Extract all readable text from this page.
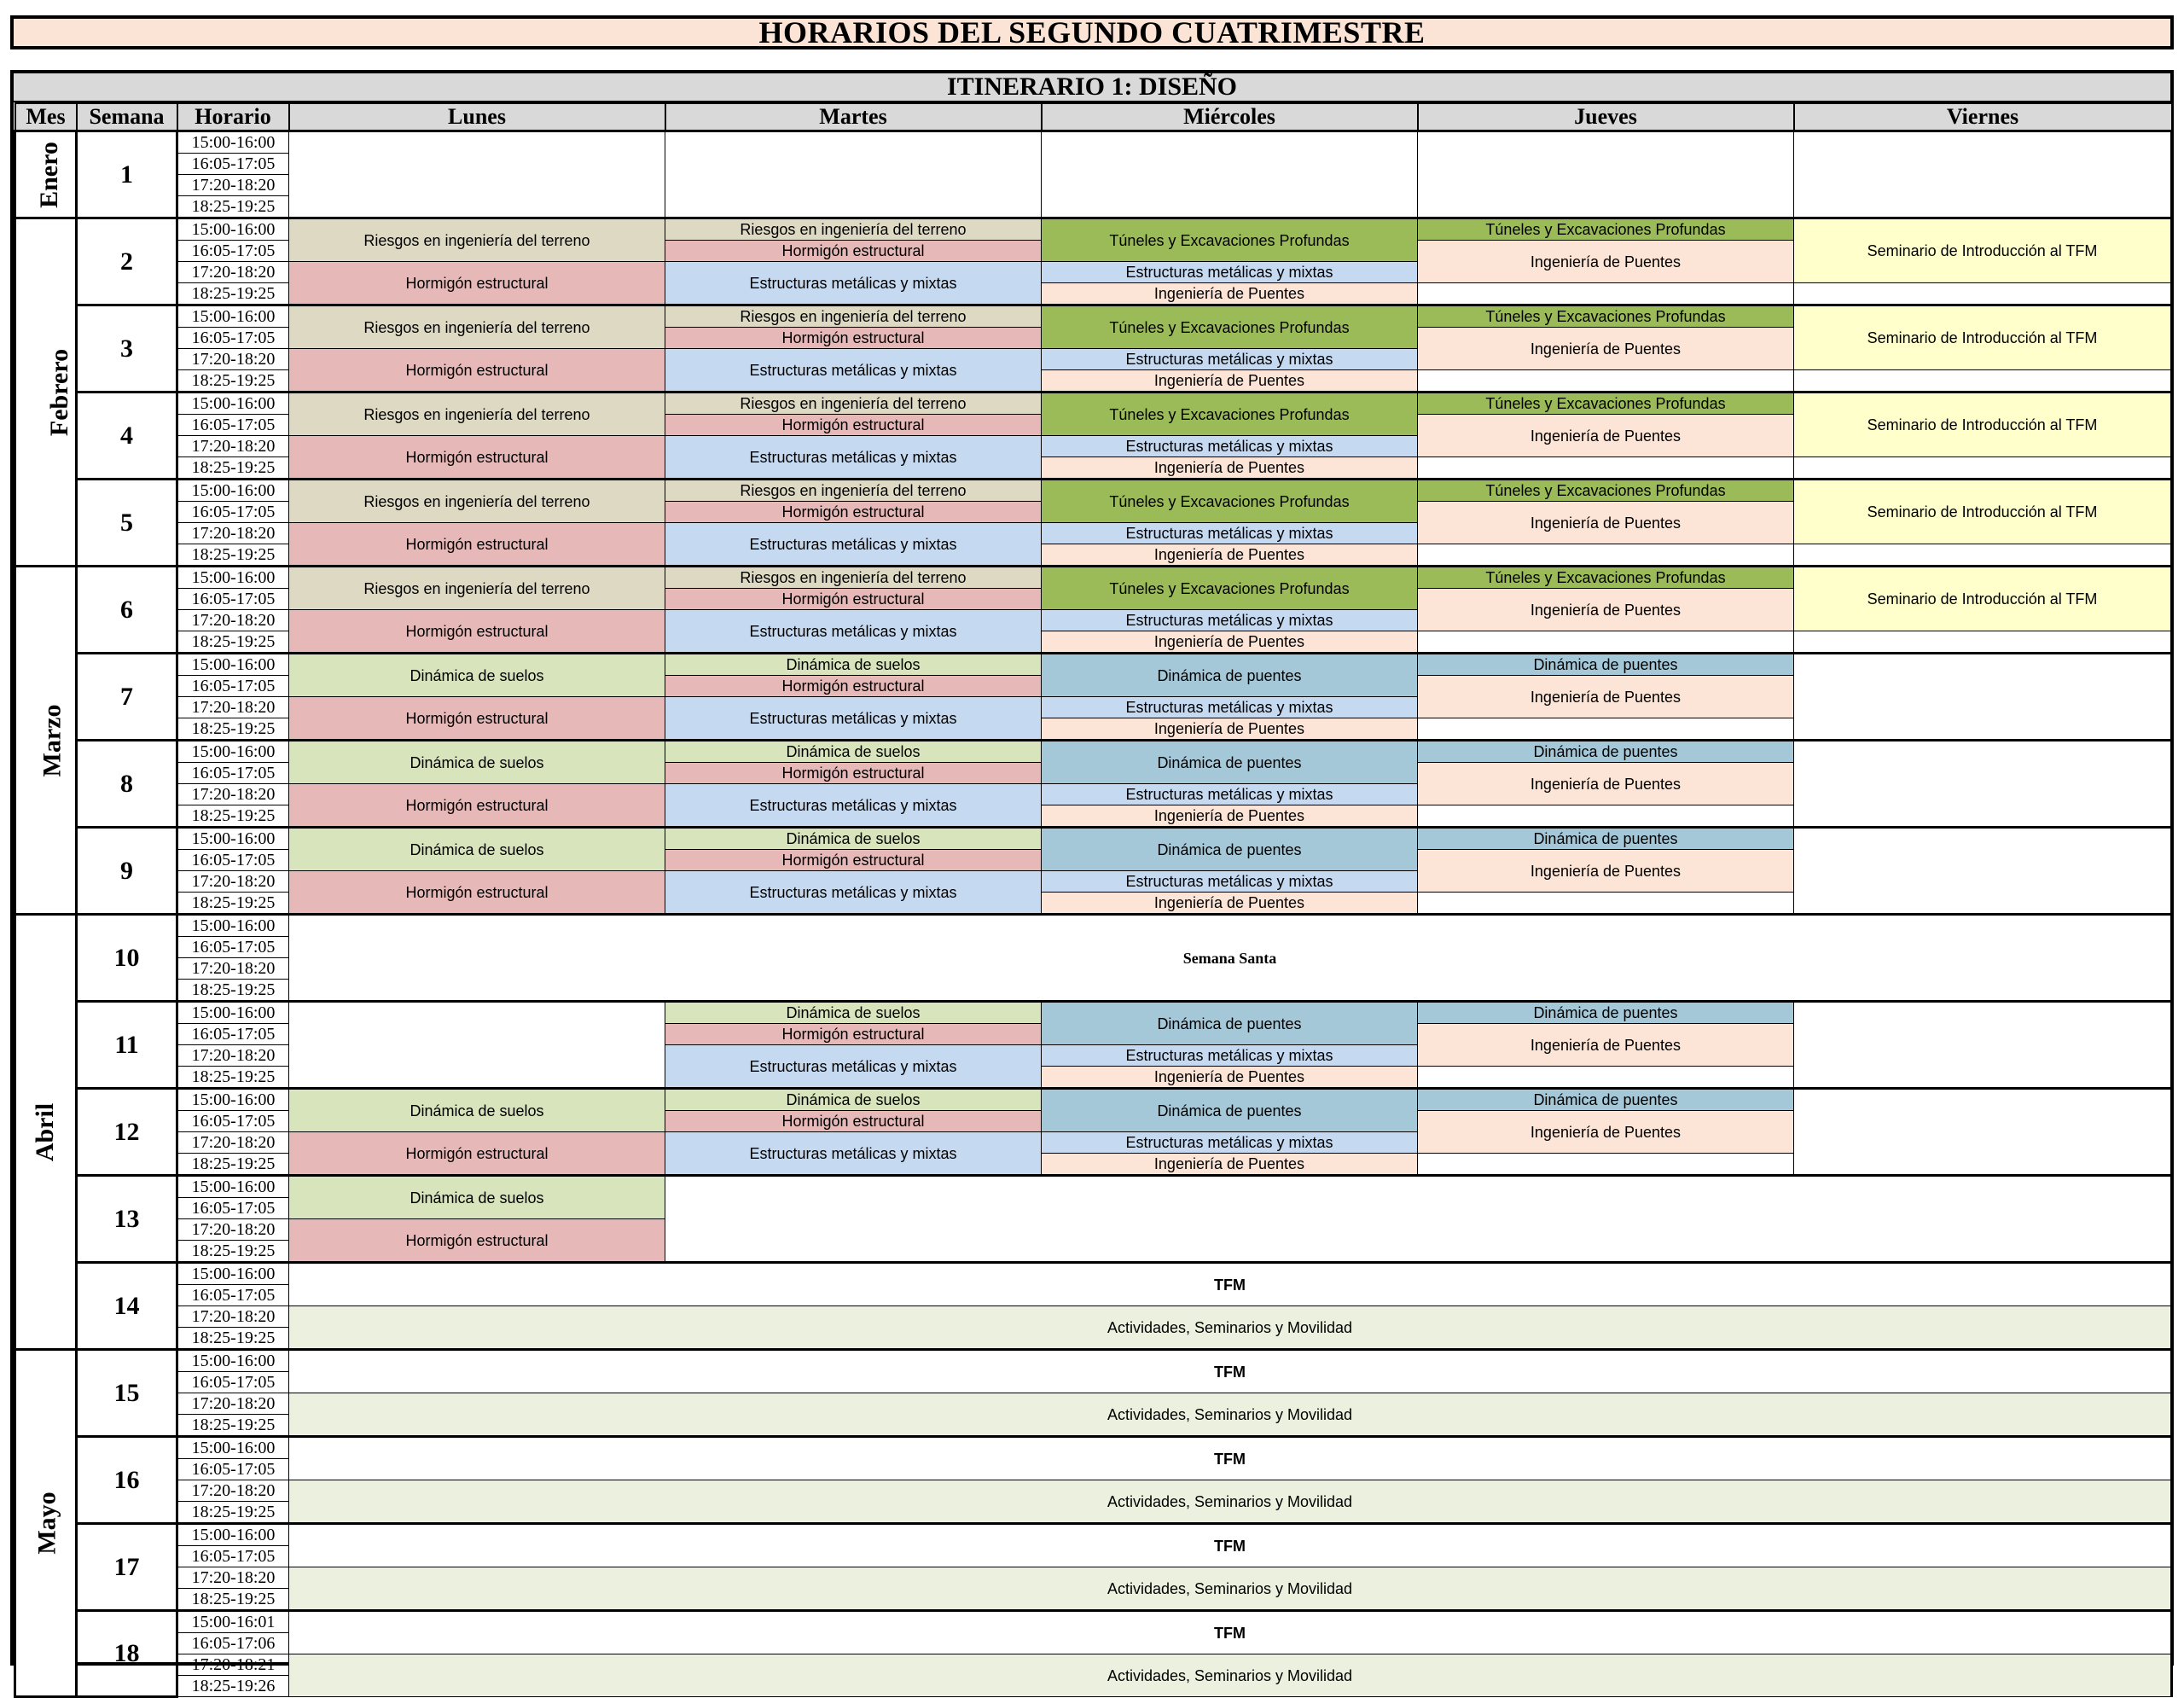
HORARIOS DEL SEGUNDO CUATRIMESTRE
ITINERARIO 1: DISEÑO
Mes	Semana	Horario	Lunes	Martes	Miércoles	Jueves	Viernes
Enero	1	15:00-16:00					
		16:05-17:05					
		17:20-18:20					
		18:25-19:25					
Febrero	2	15:00-16:00	Riesgos en ingeniería del terreno	Riesgos en ingeniería del terreno	Túneles y Excavaciones Profundas	Túneles y Excavaciones Profundas	Seminario de Introducción al TFM
		16:05-17:05		Hormigón estructural		Ingeniería de Puentes	
		17:20-18:20	Hormigón estructural	Estructuras metálicas y mixtas	Estructuras metálicas y mixtas		
		18:25-19:25			Ingeniería de Puentes		
	3	15:00-16:00	Riesgos en ingeniería del terreno	Riesgos en ingeniería del terreno	Túneles y Excavaciones Profundas	Túneles y Excavaciones Profundas	Seminario de Introducción al TFM
		16:05-17:05		Hormigón estructural		Ingeniería de Puentes	
		17:20-18:20	Hormigón estructural	Estructuras metálicas y mixtas	Estructuras metálicas y mixtas		
		18:25-19:25			Ingeniería de Puentes		
	4	15:00-16:00	Riesgos en ingeniería del terreno	Riesgos en ingeniería del terreno	Túneles y Excavaciones Profundas	Túneles y Excavaciones Profundas	Seminario de Introducción al TFM
		16:05-17:05		Hormigón estructural		Ingeniería de Puentes	
		17:20-18:20	Hormigón estructural	Estructuras metálicas y mixtas	Estructuras metálicas y mixtas		
		18:25-19:25			Ingeniería de Puentes		
	5	15:00-16:00	Riesgos en ingeniería del terreno	Riesgos en ingeniería del terreno	Túneles y Excavaciones Profundas	Túneles y Excavaciones Profundas	Seminario de Introducción al TFM
		16:05-17:05		Hormigón estructural		Ingeniería de Puentes	
		17:20-18:20	Hormigón estructural	Estructuras metálicas y mixtas	Estructuras metálicas y mixtas		
		18:25-19:25			Ingeniería de Puentes		
Marzo	6	15:00-16:00	Riesgos en ingeniería del terreno	Riesgos en ingeniería del terreno	Túneles y Excavaciones Profundas	Túneles y Excavaciones Profundas	Seminario de Introducción al TFM
		16:05-17:05		Hormigón estructural		Ingeniería de Puentes	
		17:20-18:20	Hormigón estructural	Estructuras metálicas y mixtas	Estructuras metálicas y mixtas		
		18:25-19:25			Ingeniería de Puentes		
	7	15:00-16:00	Dinámica de suelos	Dinámica de suelos	Dinámica de puentes	Dinámica de puentes	
		16:05-17:05		Hormigón estructural		Ingeniería de Puentes	
		17:20-18:20	Hormigón estructural	Estructuras metálicas y mixtas	Estructuras metálicas y mixtas		
		18:25-19:25			Ingeniería de Puentes		
	8	15:00-16:00	Dinámica de suelos	Dinámica de suelos	Dinámica de puentes	Dinámica de puentes	
		16:05-17:05		Hormigón estructural		Ingeniería de Puentes	
		17:20-18:20	Hormigón estructural	Estructuras metálicas y mixtas	Estructuras metálicas y mixtas		
		18:25-19:25			Ingeniería de Puentes		
	9	15:00-16:00	Dinámica de suelos	Dinámica de suelos	Dinámica de puentes	Dinámica de puentes	
		16:05-17:05		Hormigón estructural		Ingeniería de Puentes	
		17:20-18:20	Hormigón estructural	Estructuras metálicas y mixtas	Estructuras metálicas y mixtas		
		18:25-19:25			Ingeniería de Puentes		
Abril	10	15:00-16:00	Semana Santa				
		16:05-17:05					
		17:20-18:20					
		18:25-19:25					
	11	15:00-16:00		Dinámica de suelos	Dinámica de puentes	Dinámica de puentes	
		16:05-17:05		Hormigón estructural		Ingeniería de Puentes	
		17:20-18:20		Estructuras metálicas y mixtas	Estructuras metálicas y mixtas		
		18:25-19:25			Ingeniería de Puentes		
	12	15:00-16:00	Dinámica de suelos	Dinámica de suelos	Dinámica de puentes	Dinámica de puentes	
		16:05-17:05		Hormigón estructural		Ingeniería de Puentes	
		17:20-18:20	Hormigón estructural	Estructuras metálicas y mixtas	Estructuras metálicas y mixtas		
		18:25-19:25			Ingeniería de Puentes		
	13	15:00-16:00	Dinámica de suelos				
		16:05-17:05					
		17:20-18:20	Hormigón estructural				
		18:25-19:25					
	14	15:00-16:00	TFM				
		16:05-17:05					
		17:20-18:20	Actividades, Seminarios y Movilidad				
		18:25-19:25					
Mayo	15	15:00-16:00	TFM				
		16:05-17:05					
		17:20-18:20	Actividades, Seminarios y Movilidad				
		18:25-19:25					
	16	15:00-16:00	TFM				
		16:05-17:05					
		17:20-18:20	Actividades, Seminarios y Movilidad				
		18:25-19:25					
	17	15:00-16:00	TFM				
		16:05-17:05					
		17:20-18:20	Actividades, Seminarios y Movilidad				
		18:25-19:25					
	18	15:00-16:01	TFM				
		16:05-17:06					
		17:20-18:21	Actividades, Seminarios y Movilidad				
		18:25-19:26					
